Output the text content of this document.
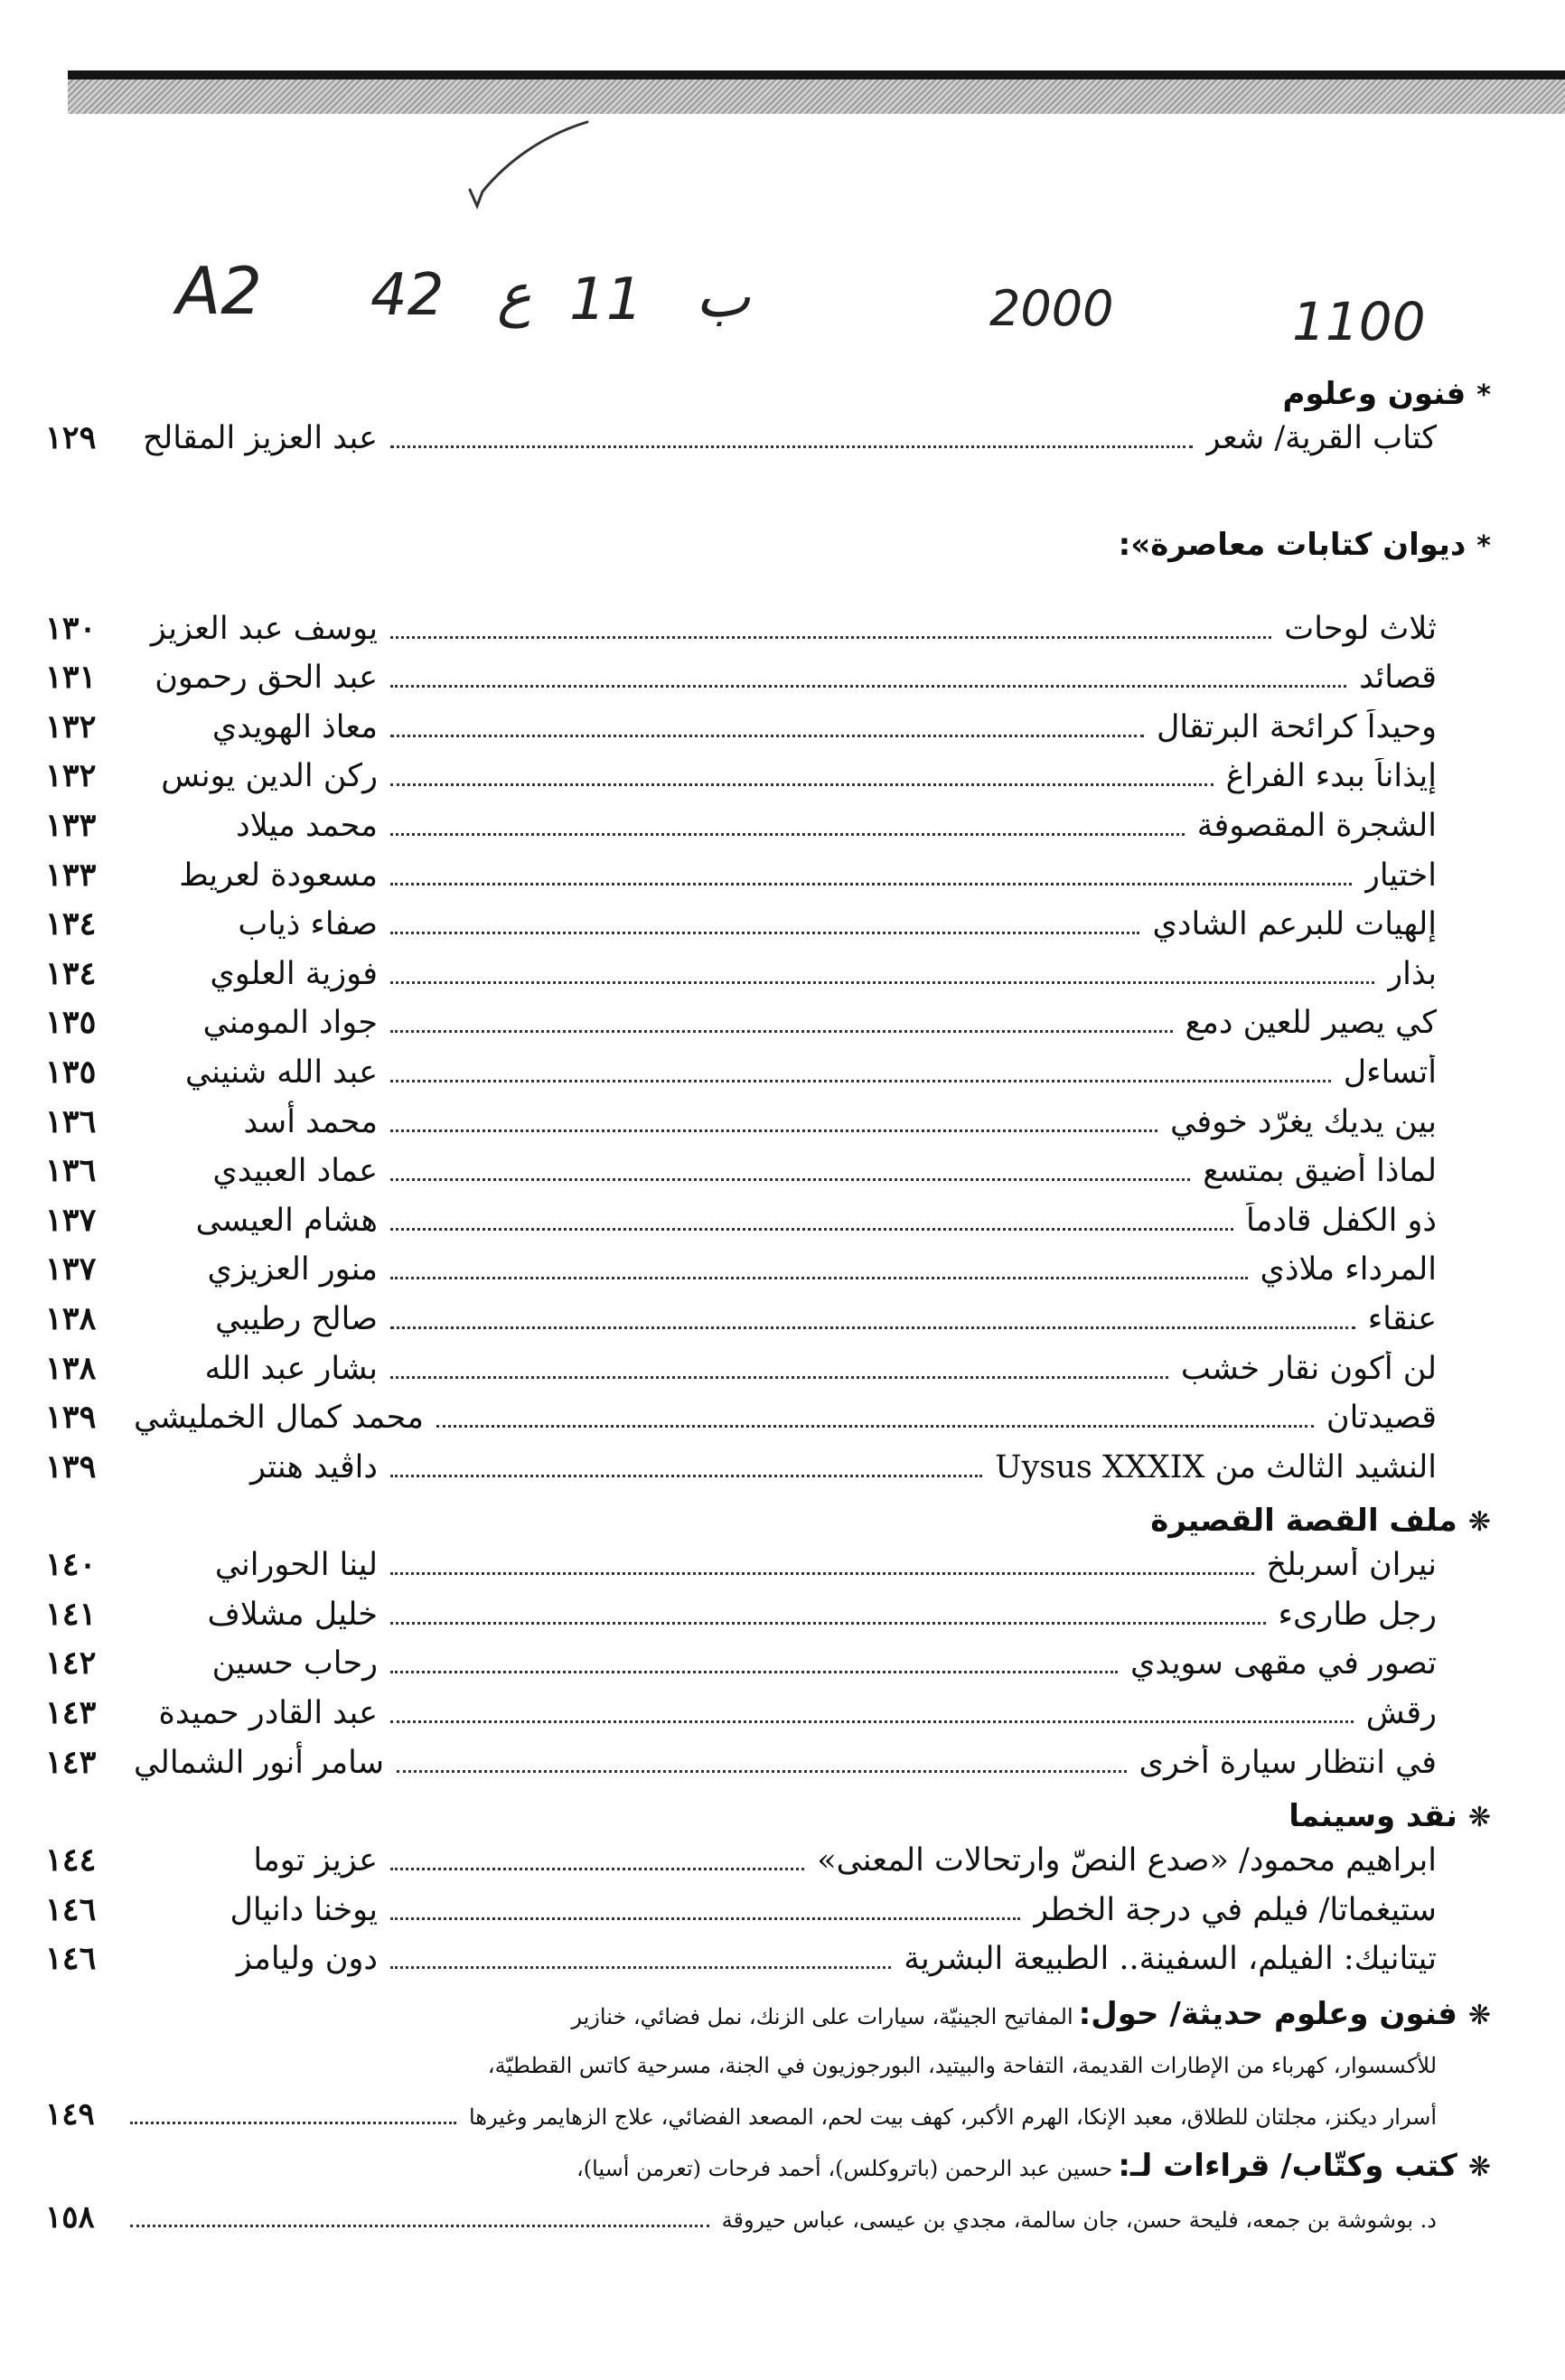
A2 42 ع 11 ب	2000	1100
*فنون وعلوم
كتاب القرية/ شعر
عبد العزيز المقالح
١٢٩
*ديوان كتابات معاصرة»:
ثلاث لوحات
يوسف عبد العزيز
١٣٠
قصائد
عبد الحق رحمون
١٣١
وحيداً كرائحة البرتقال
معاذ الهويدي
١٣٢
إيذاناً ببدء الفراغ
ركن الدين يونس
١٣٢
الشجرة المقصوفة
محمد ميلاد
١٣٣
اختيار
مسعودة لعريط
١٣٣
إلهيات للبرعم الشادي
صفاء ذياب
١٣٤
بذار
فوزية العلوي
١٣٤
كي يصير للعين دمع
جواد المومني
١٣٥
أتساءل
عبد الله شنيني
١٣٥
بين يديك يغرّد خوفي
محمد أسد
١٣٦
لماذا أضيق بمتسع
عماد العبيدي
١٣٦
ذو الكفل قادماً
هشام العيسى
١٣٧
المرداء ملاذي
منور العزيزي
١٣٧
عنقاء
صالح رطيبي
١٣٨
لن أكون نقار خشب
بشار عبد الله
١٣٨
قصيدتان
محمد كمال الخمليشي
١٣٩
النشيد الثالث من Uysus XXXIX
داڤيد هنتر
١٣٩
❋ملف القصة القصيرة
نيران أسربلخ
لينا الحوراني
١٤٠
رجل طارىء
خليل مشلاف
١٤١
تصور في مقهى سويدي
رحاب حسين
١٤٢
رقش
عبد القادر حميدة
١٤٣
في انتظار سيارة أخرى
سامر أنور الشمالي
١٤٣
❋نقد وسينما
ابراهيم محمود/ «صدع النصّ وارتحالات المعنى»
عزيز توما
١٤٤
ستيغماتا/ فيلم في درجة الخطر
يوخنا دانيال
١٤٦
تيتانيك: الفيلم، السفينة.. الطبيعة البشرية
دون وليامز
١٤٦
❋فنون وعلوم حديثة/ حول:المفاتيح الجينيّة، سيارات على الزنك، نمل فضائي، خنازير
للأكسسوار، كهرباء من الإطارات القديمة، التفاحة والبيتيد، البورجوزيون في الجنة، مسرحية كاتس القططيّة،
أسرار ديكنز، مجلتان للطلاق، معبد الإنكا، الهرم الأكبر، كهف بيت لحم، المصعد الفضائي، علاج الزهايمر وغيرها
١٤٩
❋كتب وكتّاب/ قراءات لـ:حسين عبد الرحمن (باتروكلس)، أحمد فرحات (تعرمن أسيا)،
د. بوشوشة بن جمعه، فليحة حسن، جان سالمة، مجدي بن عيسى، عباس حيروقة
١٥٨
